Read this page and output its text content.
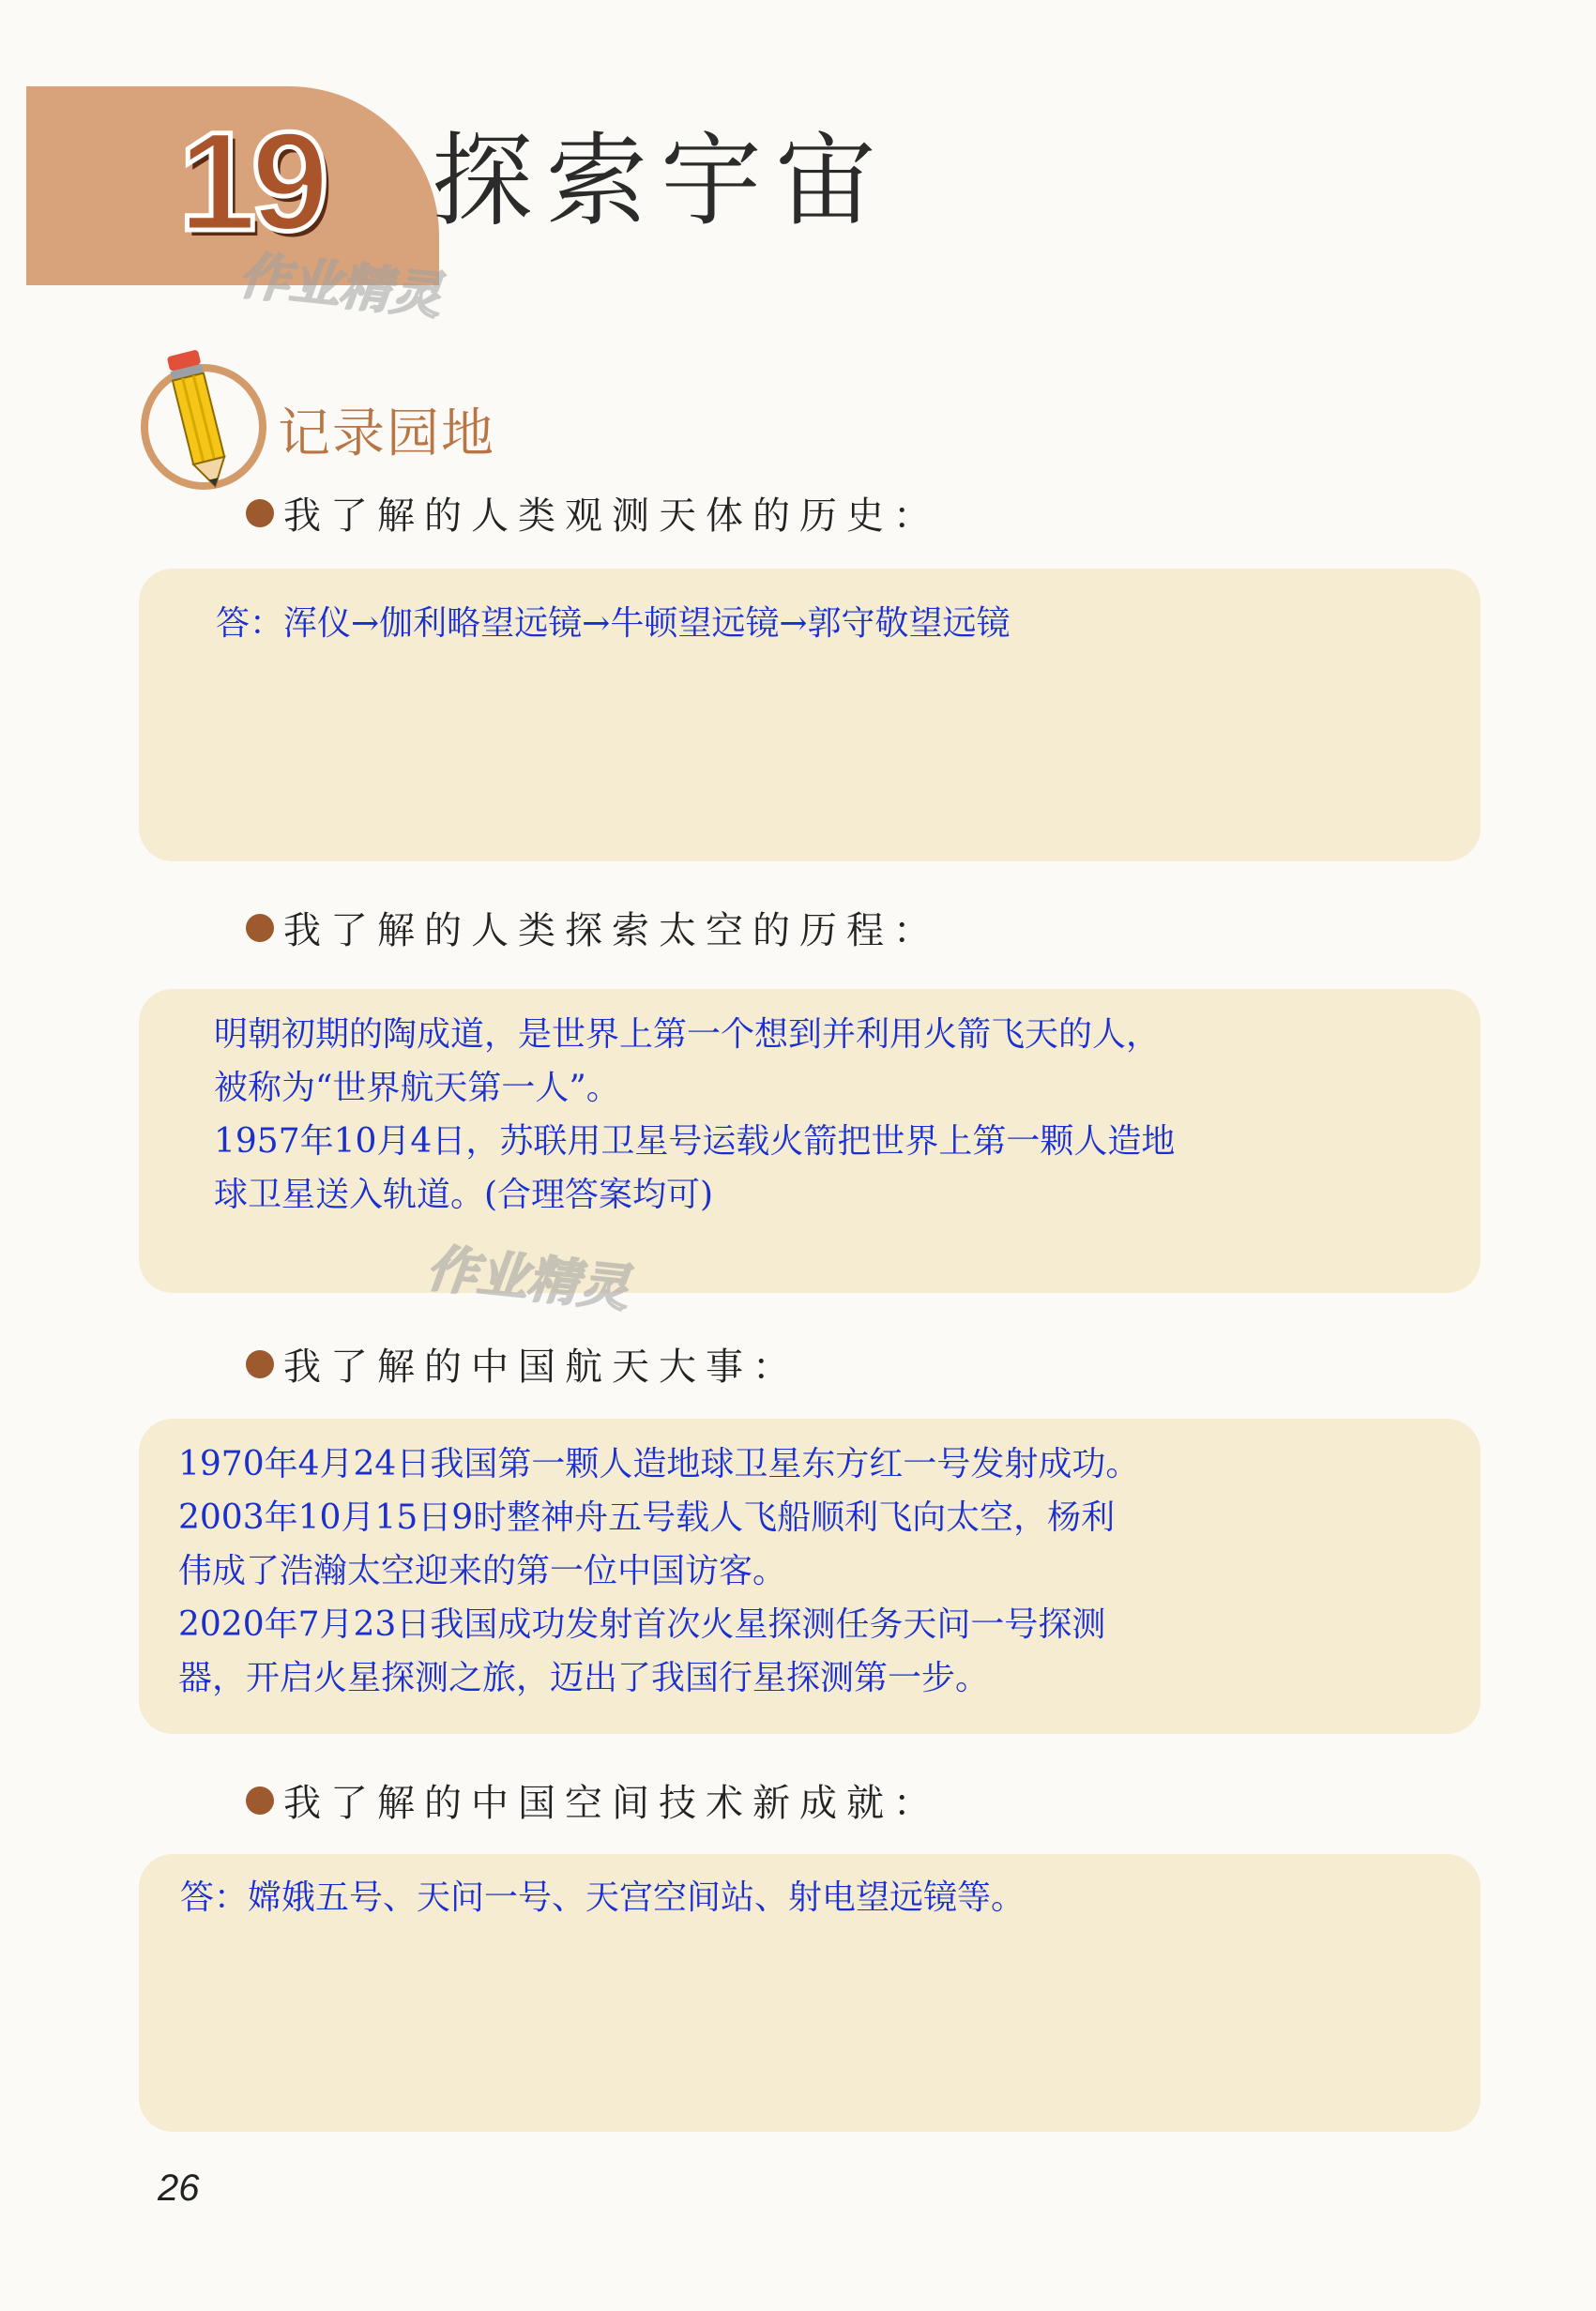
19 探索宇宙
作业精灵
记录园地
我了解的人类观测天体的历史：
答：浑仪→伽利略望远镜→牛顿望远镜→郭守敬望远镜
我了解的人类探索太空的历程：
明朝初期的陶成道，是世界上第一个想到并利用火箭飞天的人，
被称为“世界航天第一人”。
1957年10月4日，苏联用卫星号运载火箭把世界上第一颗人造地
球卫星送入轨道。(合理答案均可)
我了解的中国航天大事：
1970年4月24日我国第一颗人造地球卫星东方红一号发射成功。
2003年10月15日9时整神舟五号载人飞船顺利飞向太空，杨利
伟成了浩瀚太空迎来的第一位中国访客。
2020年7月23日我国成功发射首次火星探测任务天问一号探测
器，开启火星探测之旅，迈出了我国行星探测第一步。
我了解的中国空间技术新成就：
答：嫦娥五号、天问一号、天宫空间站、射电望远镜等。
26
